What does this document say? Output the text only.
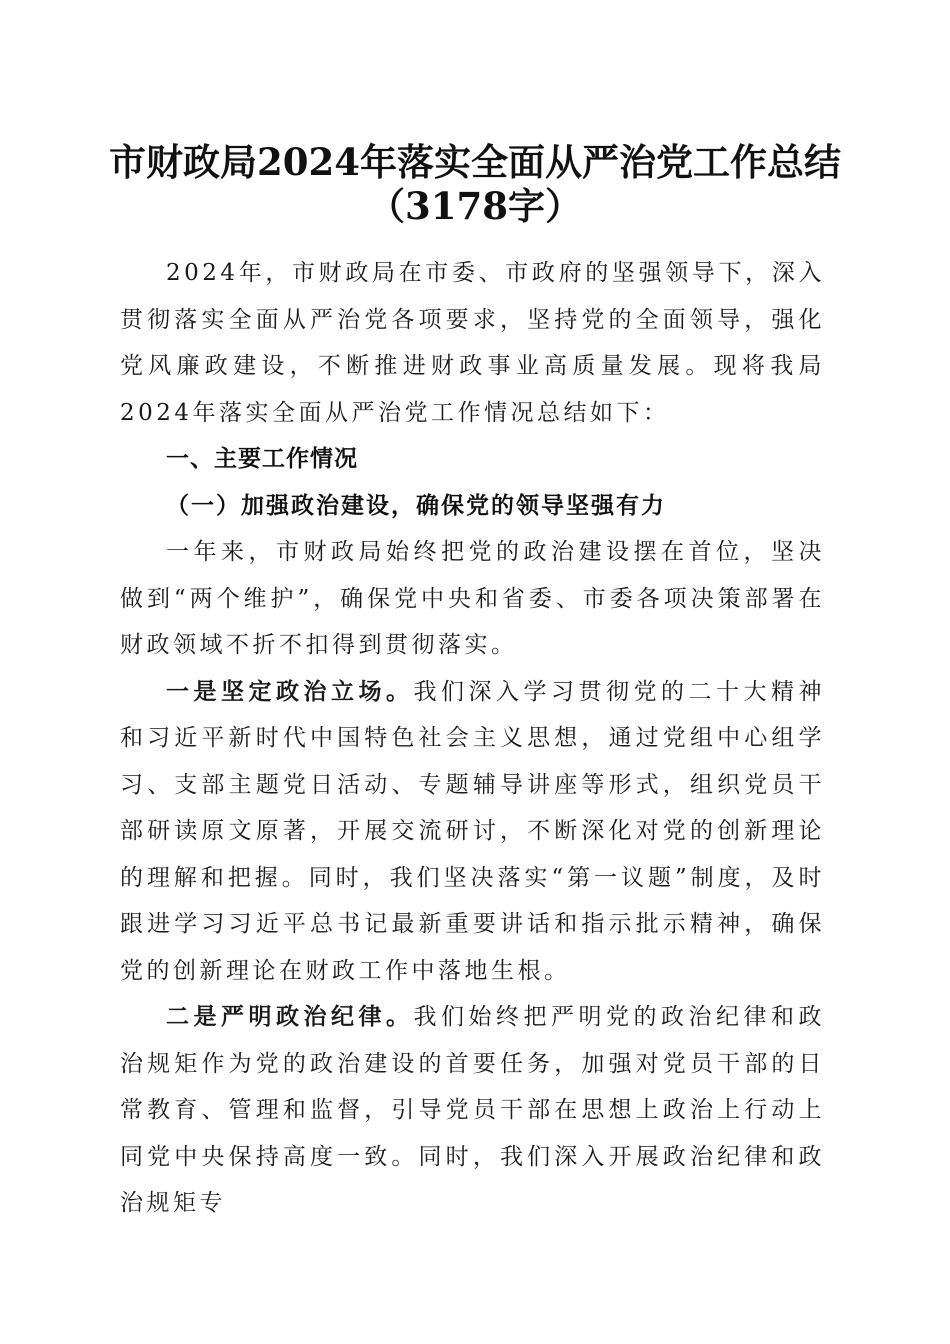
市财政局2024年落实全面从严治党工作总结
（3178字）

2024年，市财政局在市委、市政府的坚强领导下，深入贯彻落实全面从严治党各项要求，坚持党的全面领导，强化党风廉政建设，不断推进财政事业高质量发展。现将我局2024年落实全面从严治党工作情况总结如下：

一、主要工作情况

（一）加强政治建设，确保党的领导坚强有力

一年来，市财政局始终把党的政治建设摆在首位，坚决做到“两个维护”，确保党中央和省委、市委各项决策部署在财政领域不折不扣得到贯彻落实。

一是坚定政治立场。我们深入学习贯彻党的二十大精神和习近平新时代中国特色社会主义思想，通过党组中心组学习、支部主题党日活动、专题辅导讲座等形式，组织党员干部研读原文原著，开展交流研讨，不断深化对党的创新理论的理解和把握。同时，我们坚决落实“第一议题”制度，及时跟进学习习近平总书记最新重要讲话和指示批示精神，确保党的创新理论在财政工作中落地生根。

二是严明政治纪律。我们始终把严明党的政治纪律和政治规矩作为党的政治建设的首要任务，加强对党员干部的日常教育、管理和监督，引导党员干部在思想上政治上行动上同党中央保持高度一致。同时，我们深入开展政治纪律和政治规矩专
